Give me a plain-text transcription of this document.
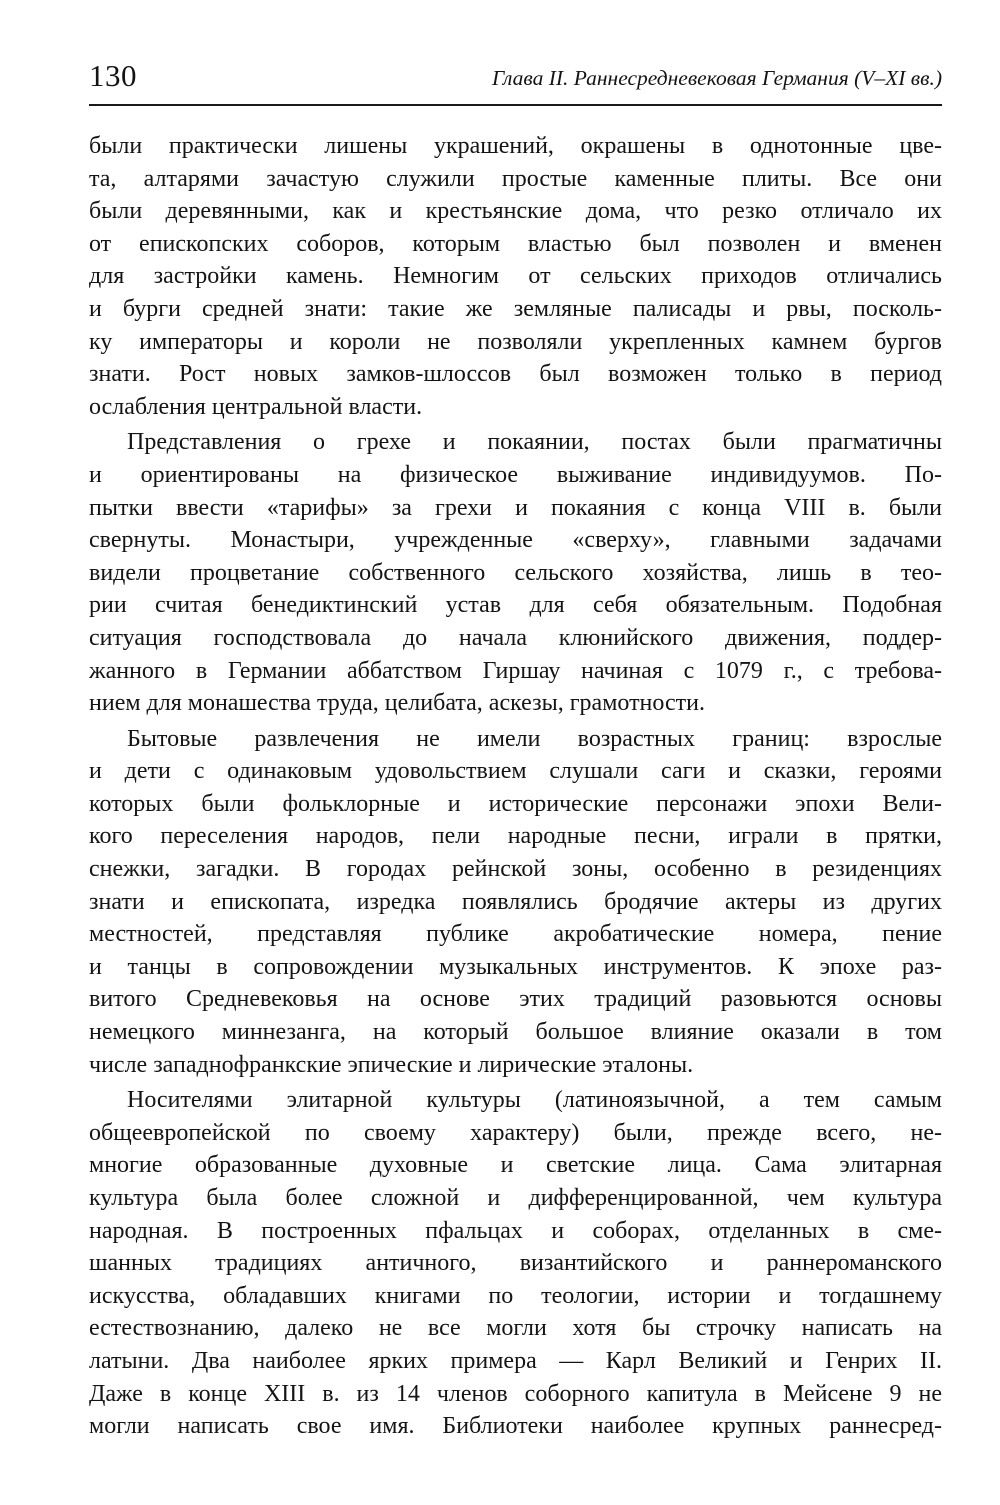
130	Глава II. Раннесредневековая Германия (V–XI вв.)
были практически лишены украшений, окрашены в однотонные цве-
та, алтарями зачастую служили простые каменные плиты. Все они
были деревянными, как и крестьянские дома, что резко отличало их
от епископских соборов, которым властью был позволен и вменен
для застройки камень. Немногим от сельских приходов отличались
и бурги средней знати: такие же земляные палисады и рвы, посколь-
ку императоры и короли не позволяли укрепленных камнем бургов
знати. Рост новых замков-шлоссов был возможен только в период
ослабления центральной власти.
Представления о грехе и покаянии, постах были прагматичны
и ориентированы на физическое выживание индивидуумов. По-
пытки ввести «тарифы» за грехи и покаяния с конца VIII в. были
свернуты. Монастыри, учрежденные «сверху», главными задачами
видели процветание собственного сельского хозяйства, лишь в тео-
рии считая бенедиктинский устав для себя обязательным. Подобная
ситуация господствовала до начала клюнийского движения, поддер-
жанного в Германии аббатством Гиршау начиная с 1079 г., с требова-
нием для монашества труда, целибата, аскезы, грамотности.
Бытовые развлечения не имели возрастных границ: взрослые
и дети с одинаковым удовольствием слушали саги и сказки, героями
которых были фольклорные и исторические персонажи эпохи Вели-
кого переселения народов, пели народные песни, играли в прятки,
снежки, загадки. В городах рейнской зоны, особенно в резиденциях
знати и епископата, изредка появлялись бродячие актеры из других
местностей, представляя публике акробатические номера, пение
и танцы в сопровождении музыкальных инструментов. К эпохе раз-
витого Средневековья на основе этих традиций разовьются основы
немецкого миннезанга, на который большое влияние оказали в том
числе западнофранкские эпические и лирические эталоны.
Носителями элитарной культуры (латиноязычной, а тем самым
общеевропейской по своему характеру) были, прежде всего, не-
многие образованные духовные и светские лица. Сама элитарная
культура была более сложной и дифференцированной, чем культура
народная. В построенных пфальцах и соборах, отделанных в сме-
шанных традициях античного, византийского и раннероманского
искусства, обладавших книгами по теологии, истории и тогдашнему
естествознанию, далеко не все могли хотя бы строчку написать на
латыни. Два наиболее ярких примера — Карл Великий и Генрих II.
Даже в конце XIII в. из 14 членов соборного капитула в Мейсене 9 не
могли написать свое имя. Библиотеки наиболее крупных раннесред-
